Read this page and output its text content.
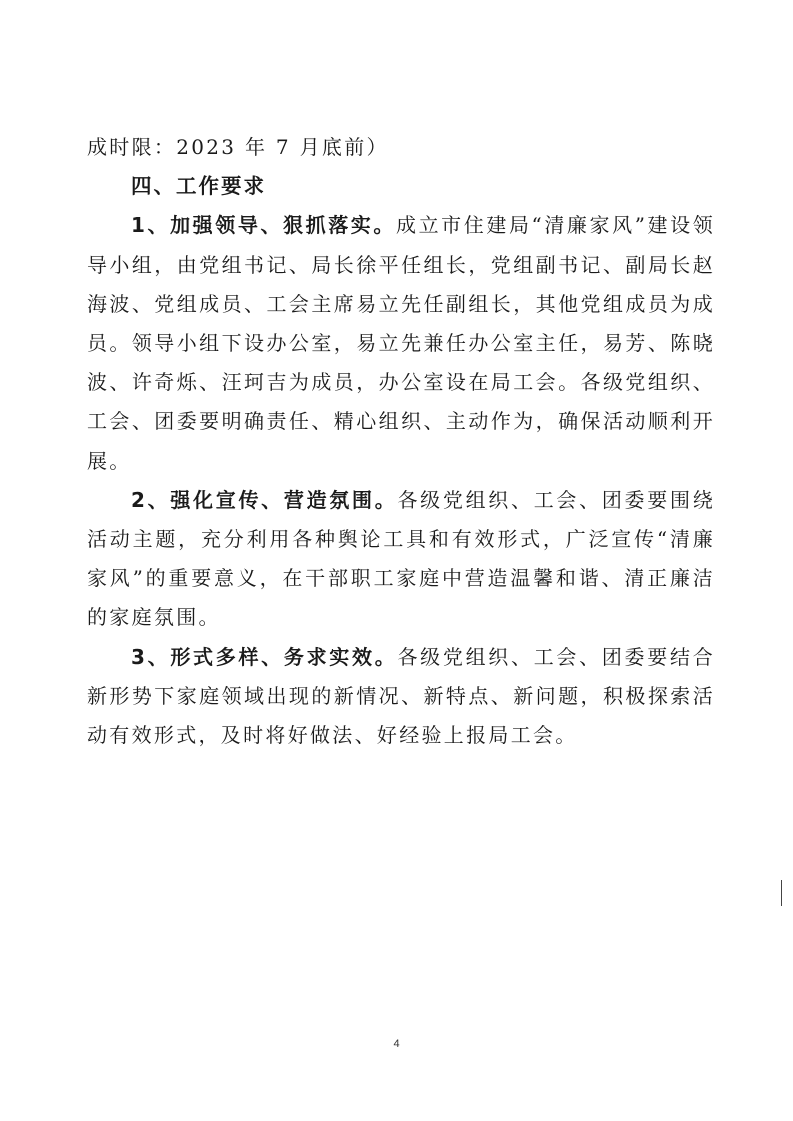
成时限：2023 年 7 月底前）

四、工作要求

1、加强领导、狠抓落实。成立市住建局“清廉家风”建设领导小组，由党组书记、局长徐平任组长，党组副书记、副局长赵海波、党组成员、工会主席易立先任副组长，其他党组成员为成员。领导小组下设办公室，易立先兼任办公室主任，易芳、陈晓波、许奇烁、汪珂吉为成员，办公室设在局工会。各级党组织、工会、团委要明确责任、精心组织、主动作为，确保活动顺利开展。

2、强化宣传、营造氛围。各级党组织、工会、团委要围绕活动主题，充分利用各种舆论工具和有效形式，广泛宣传“清廉家风”的重要意义，在干部职工家庭中营造温馨和谐、清正廉洁的家庭氛围。

3、形式多样、务求实效。各级党组织、工会、团委要结合新形势下家庭领域出现的新情况、新特点、新问题，积极探索活动有效形式，及时将好做法、好经验上报局工会。

4
